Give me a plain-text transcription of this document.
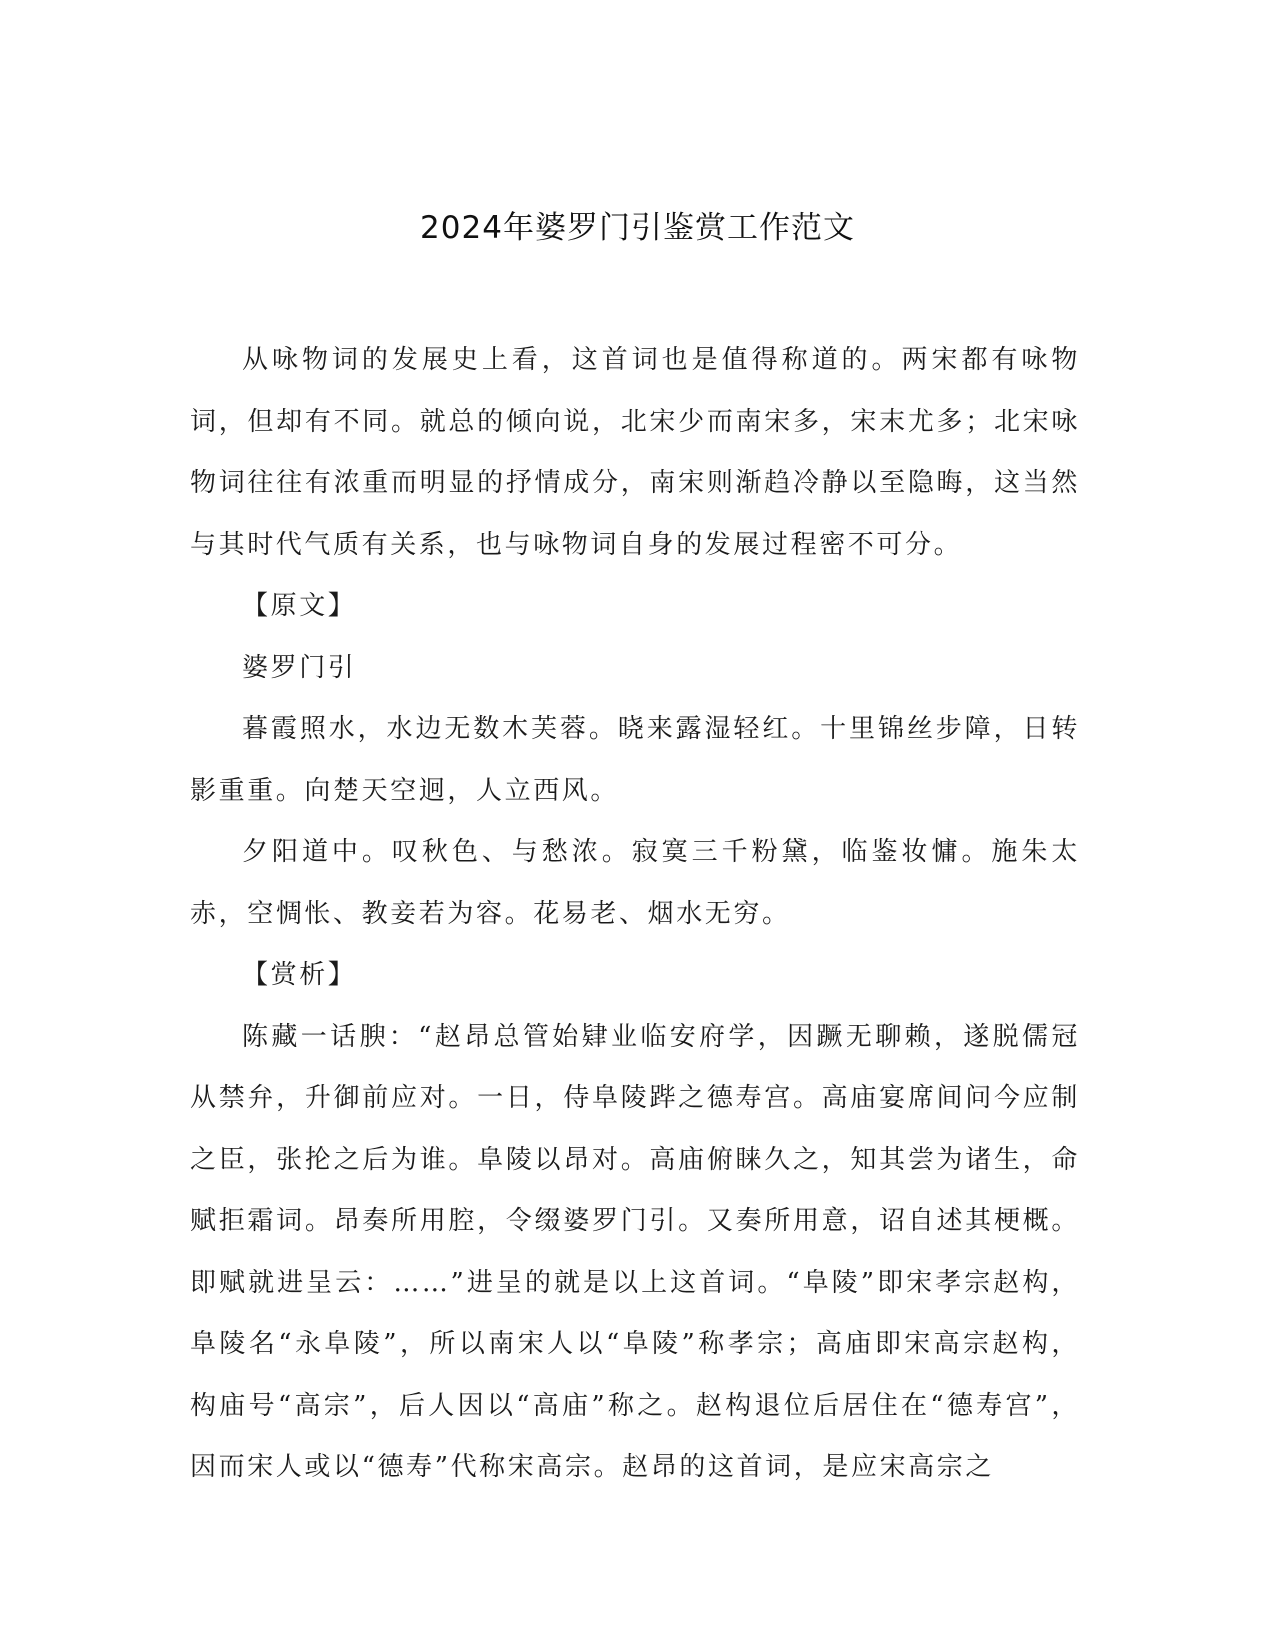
2024年婆罗门引鉴赏工作范文

从咏物词的发展史上看，这首词也是值得称道的。两宋都有咏物词，但却有不同。就总的倾向说，北宋少而南宋多，宋末尤多；北宋咏物词往往有浓重而明显的抒情成分，南宋则渐趋冷静以至隐晦，这当然与其时代气质有关系，也与咏物词自身的发展过程密不可分。

【原文】

婆罗门引

暮霞照水，水边无数木芙蓉。晓来露湿轻红。十里锦丝步障，日转影重重。向楚天空迥，人立西风。

夕阳道中。叹秋色、与愁浓。寂寞三千粉黛，临鉴妆慵。施朱太赤，空惆怅、教妾若为容。花易老、烟水无穷。

【赏析】

陈藏一话腴：“赵昂总管始肄业临安府学，因蹶无聊赖，遂脱儒冠从禁弁，升御前应对。一日，侍阜陵跸之德寿宫。高庙宴席间问今应制之臣，张抡之后为谁。阜陵以昂对。高庙俯睐久之，知其尝为诸生，命赋拒霜词。昂奏所用腔，令缀婆罗门引。又奏所用意，诏自述其梗概。即赋就进呈云：……”进呈的就是以上这首词。“阜陵”即宋孝宗赵构，阜陵名“永阜陵”，所以南宋人以“阜陵”称孝宗；高庙即宋高宗赵构，构庙号“高宗”，后人因以“高庙”称之。赵构退位后居住在“德寿宫”，因而宋人或以“德寿”代称宋高宗。赵昂的这首词，是应宋高宗之
